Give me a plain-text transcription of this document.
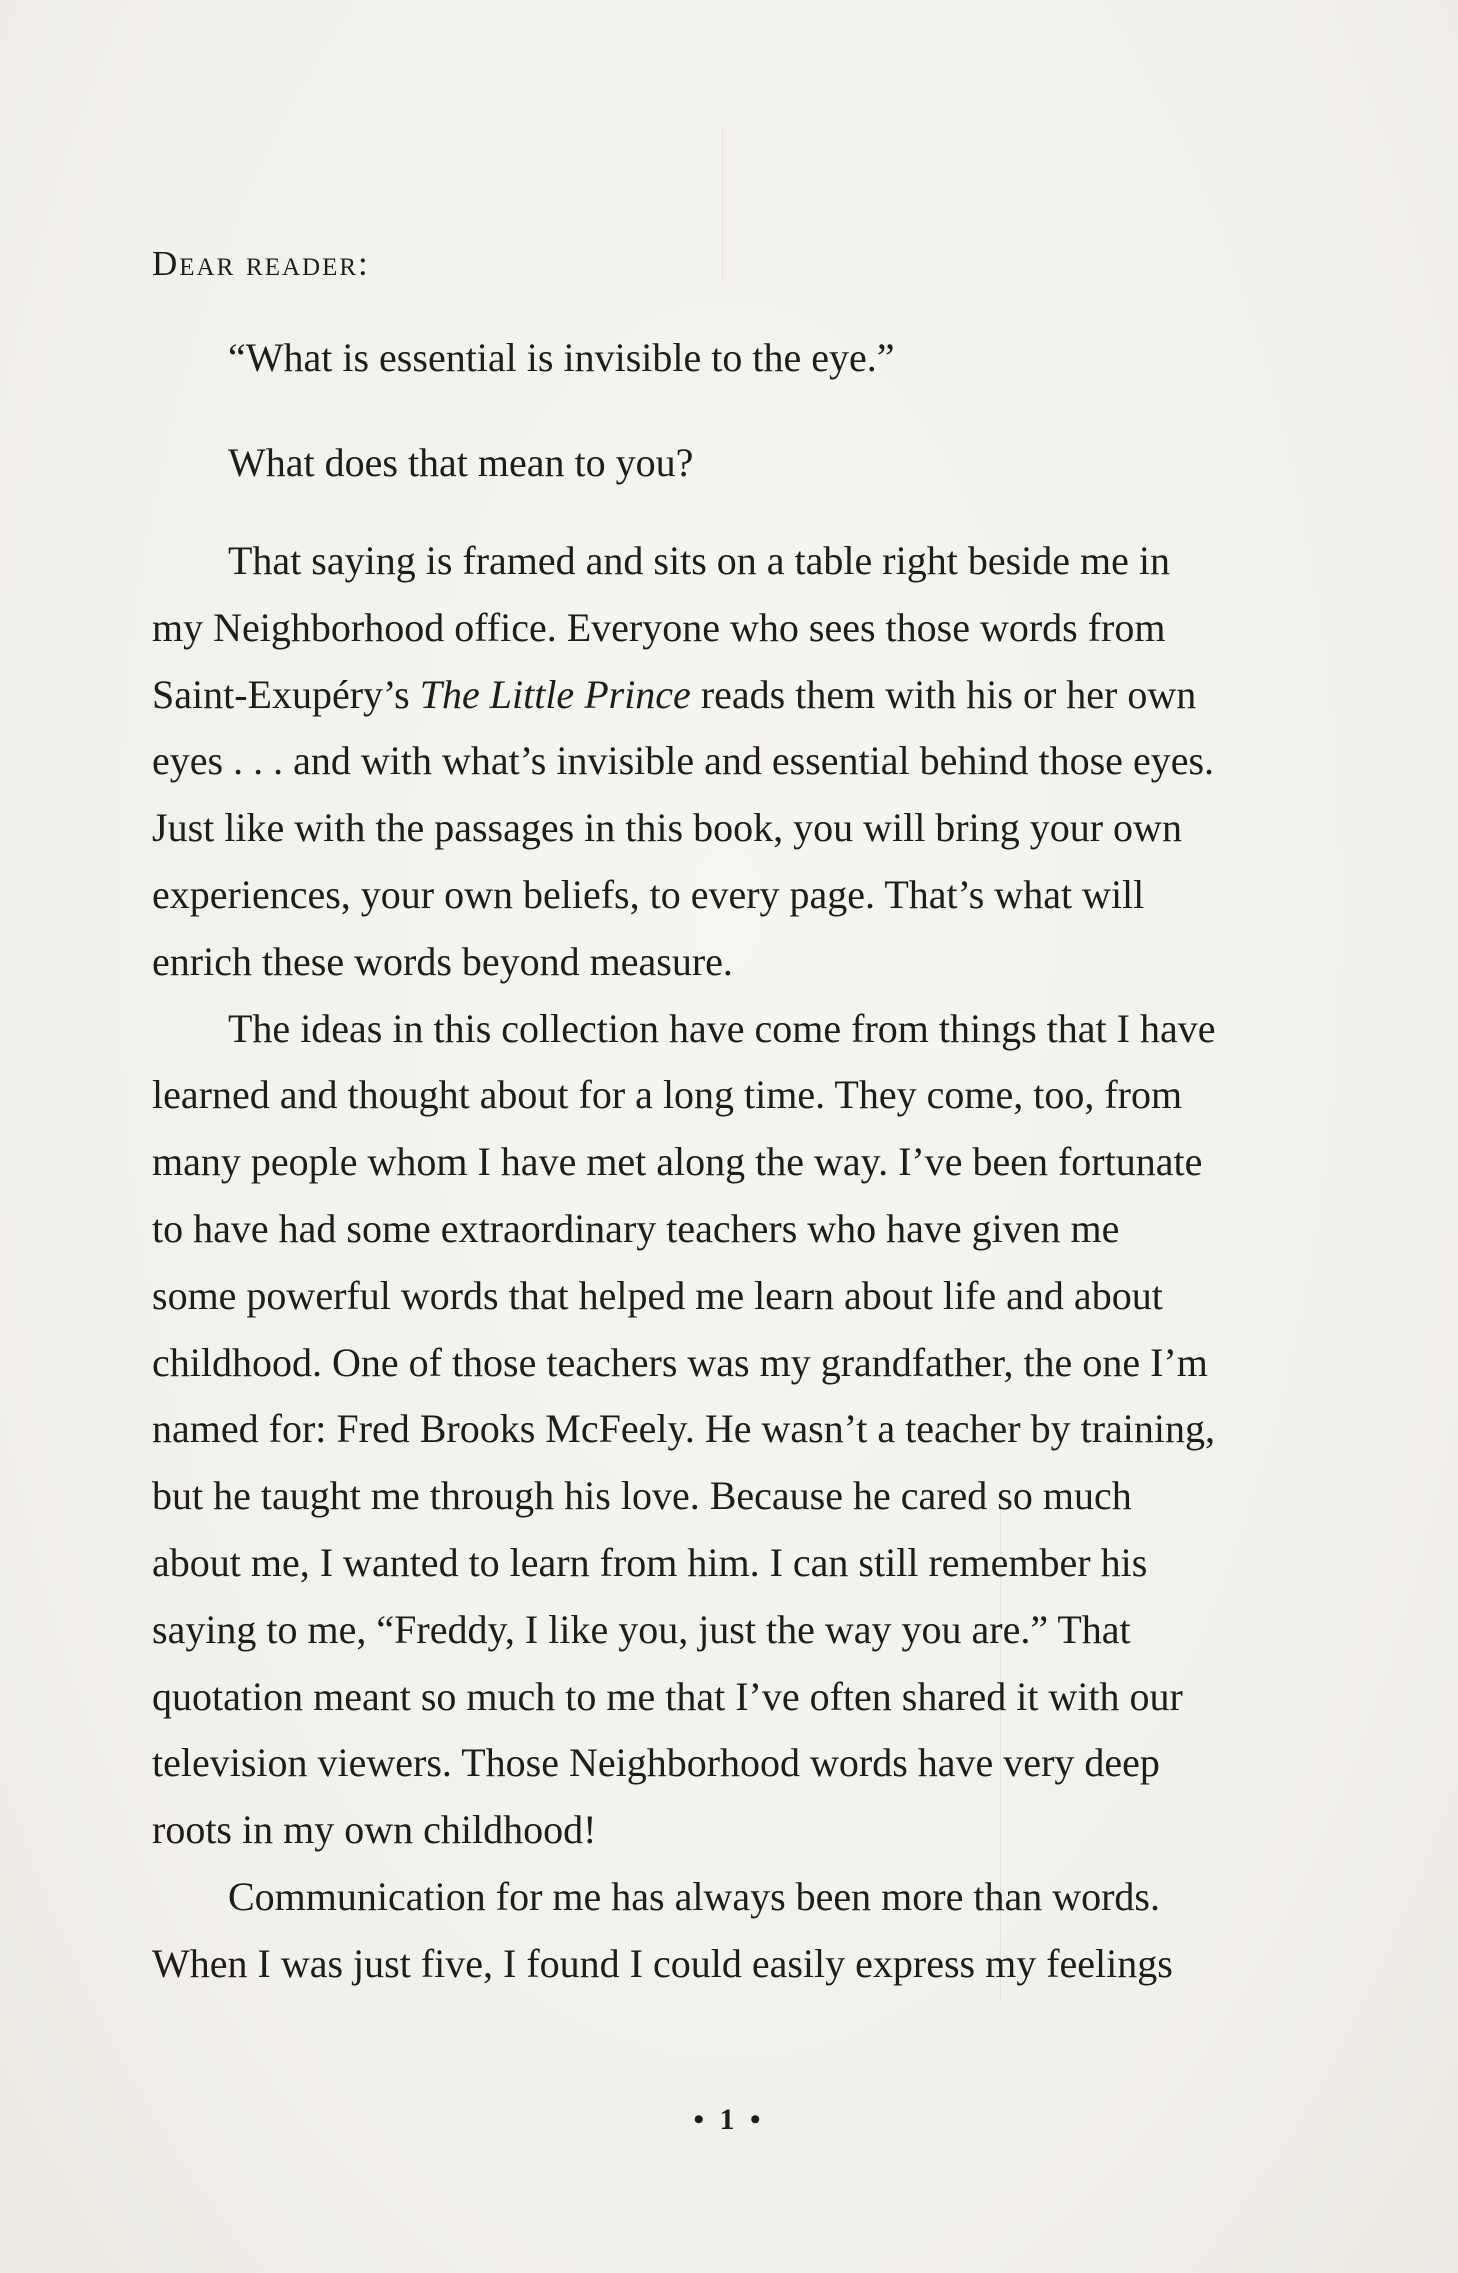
Dear reader:
“What is essential is invisible to the eye.”
What does that mean to you?
That saying is framed and sits on a table right beside me in
my Neighborhood office. Everyone who sees those words from
Saint-Exupéry’s The Little Prince reads them with his or her own
eyes . . . and with what’s invisible and essential behind those eyes.
Just like with the passages in this book, you will bring your own
experiences, your own beliefs, to every page. That’s what will
enrich these words beyond measure.
The ideas in this collection have come from things that I have
learned and thought about for a long time. They come, too, from
many people whom I have met along the way. I’ve been fortunate
to have had some extraordinary teachers who have given me
some powerful words that helped me learn about life and about
childhood. One of those teachers was my grandfather, the one I’m
named for: Fred Brooks McFeely. He wasn’t a teacher by training,
but he taught me through his love. Because he cared so much
about me, I wanted to learn from him. I can still remember his
saying to me, “Freddy, I like you, just the way you are.” That
quotation meant so much to me that I’ve often shared it with our
television viewers. Those Neighborhood words have very deep
roots in my own childhood!
Communication for me has always been more than words.
When I was just five, I found I could easily express my feelings
• 1 •
